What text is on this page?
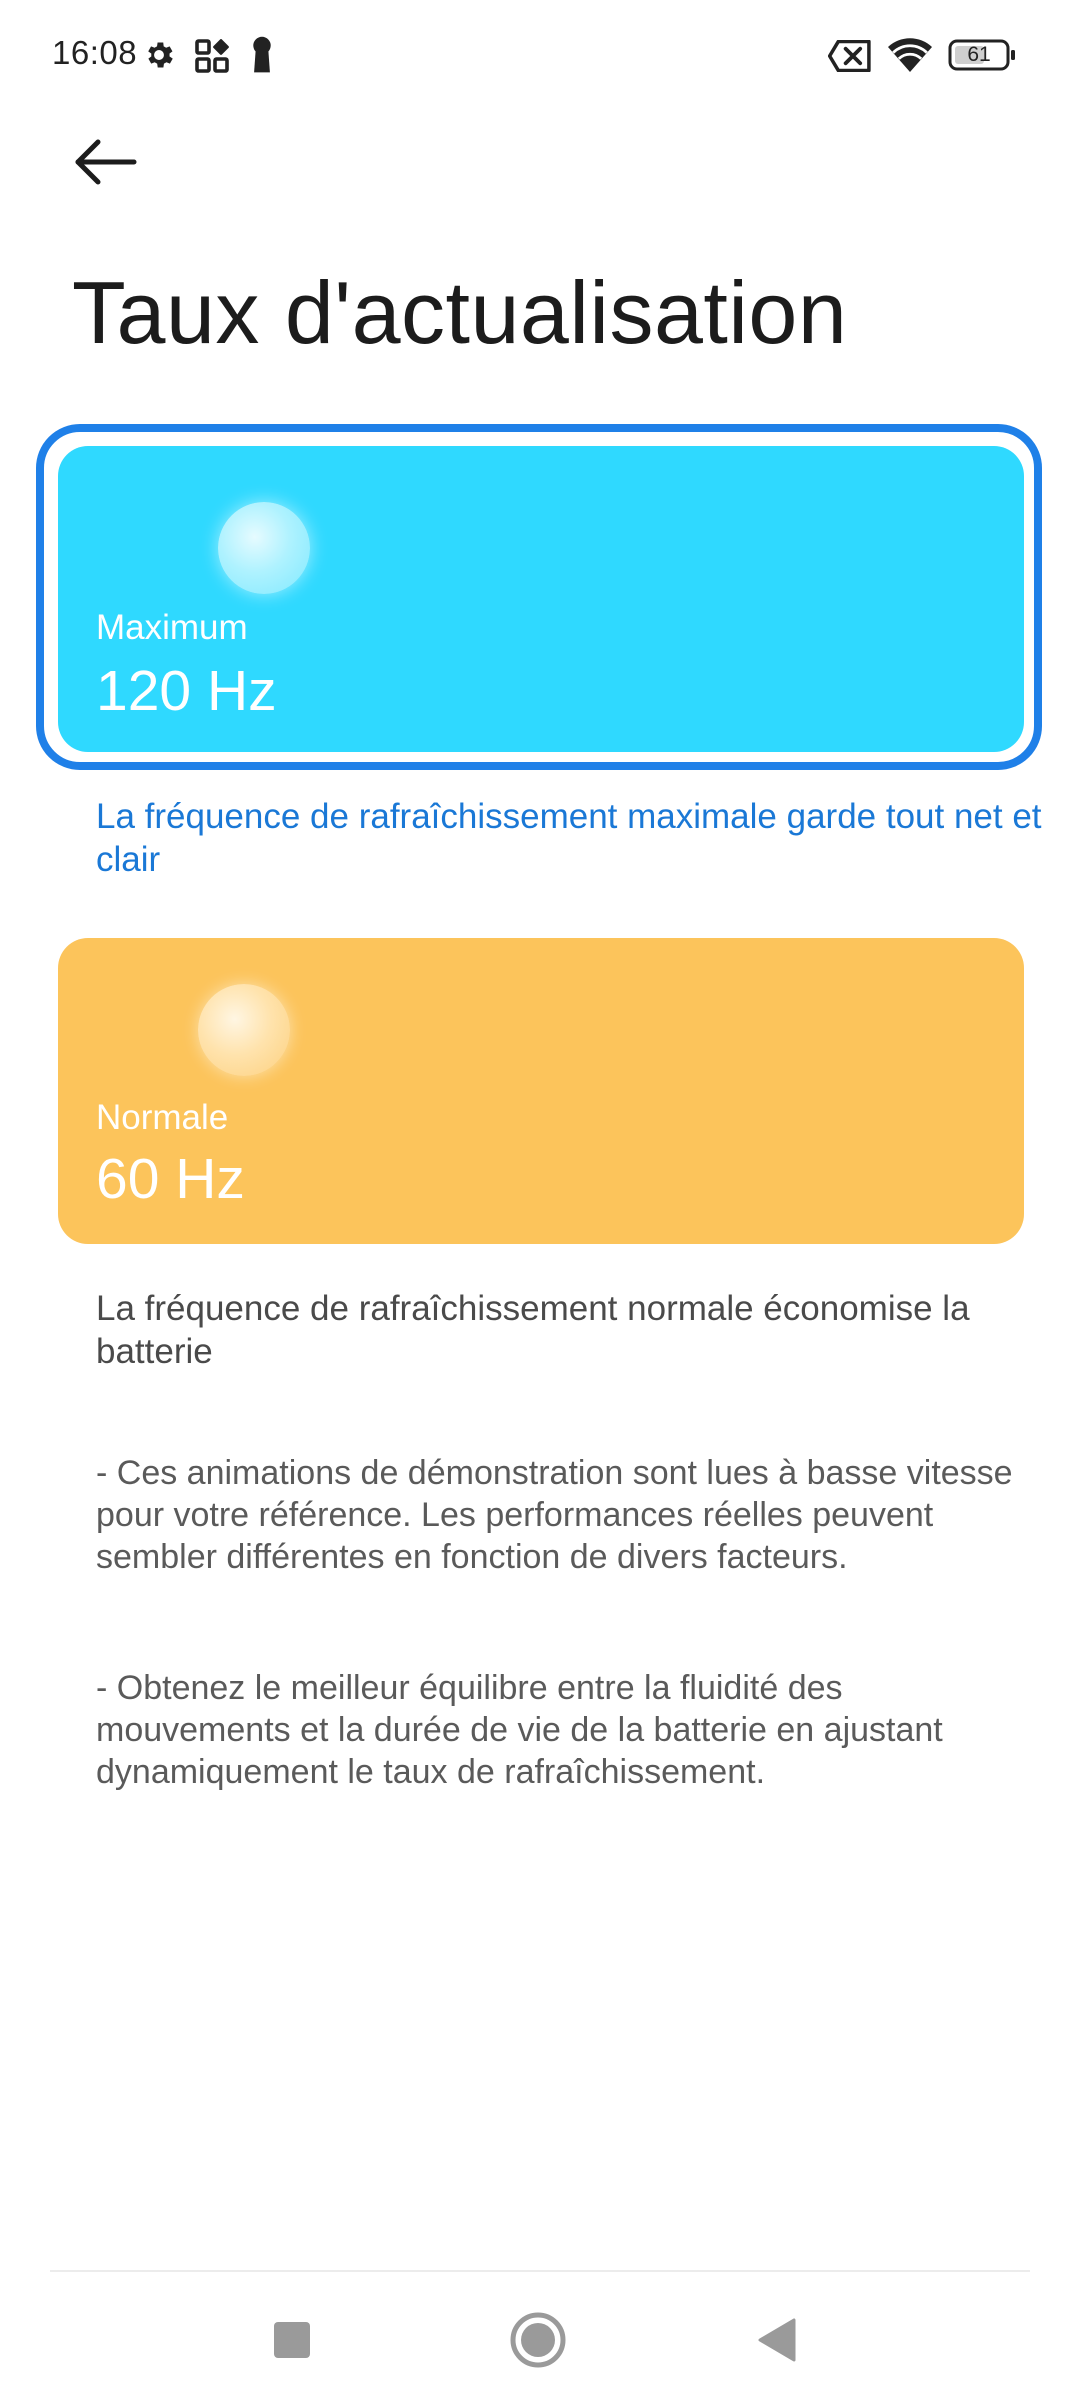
16:08	61
Taux d'actualisation
Maximum
120 Hz

La fréquence de rafraîchissement maximale garde tout net et clair

Normale
60 Hz

La fréquence de rafraîchissement normale économise la batterie

- Ces animations de démonstration sont lues à basse vitesse pour votre référence. Les performances réelles peuvent sembler différentes en fonction de divers facteurs.

- Obtenez le meilleur équilibre entre la fluidité des mouvements et la durée de vie de la batterie en ajustant dynamiquement le taux de rafraîchissement.
